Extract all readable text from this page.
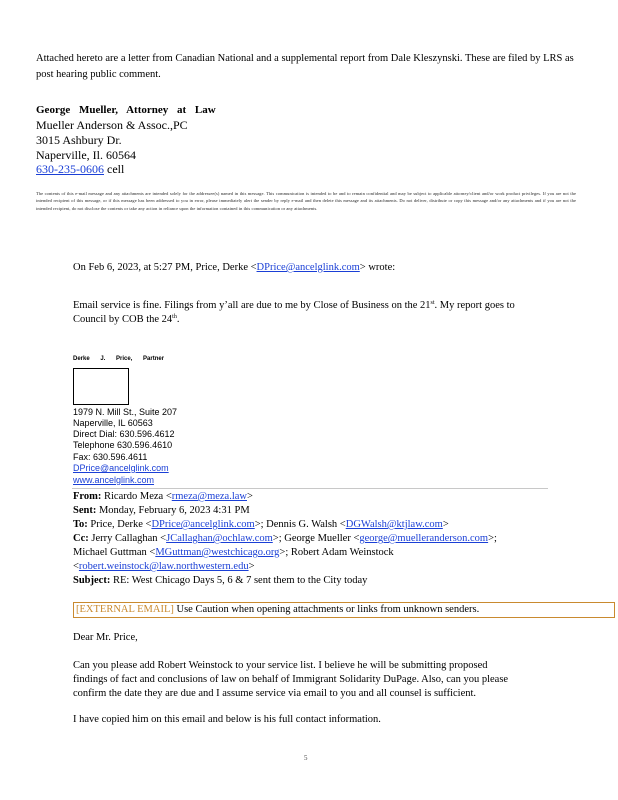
Attached hereto are a letter from Canadian National and a supplemental report from Dale Kleszynski. These are filed by LRS as post hearing public comment.
George Mueller, Attorney at Law
Mueller Anderson & Assoc.,PC
3015 Ashbury Dr.
Naperville, Il. 60564
630-235-0606 cell
The contents of this e-mail message and any attachments are intended solely for the addressee(s) named in this message. This communication is intended to be and to remain confidential and may be subject to applicable attorney/client and/or work product privileges. If you are not the intended recipient of this message, or if this message has been addressed to you in error, please immediately alert the sender by reply e-mail and then delete this message and its attachments. Do not deliver, distribute or copy this message and/or any attachments and if you are not the intended recipient, do not disclose the contents or take any action in reliance upon the information contained in this communication or any attachments.
On Feb 6, 2023, at 5:27 PM, Price, Derke <DPrice@ancelglink.com> wrote:
Email service is fine. Filings from y’all are due to me by Close of Business on the 21st. My report goes to
Council by COB the 24th.
Derke J. Price, Partner
1979 N. Mill St., Suite 207
Naperville, IL 60563
Direct Dial: 630.596.4612
Telephone 630.596.4610
Fax: 630.596.4611
DPrice@ancelglink.com
www.ancelglink.com
From: Ricardo Meza <rmeza@meza.law>
Sent: Monday, February 6, 2023 4:31 PM
To: Price, Derke <DPrice@ancelglink.com>; Dennis G. Walsh <DGWalsh@ktjlaw.com>
Cc: Jerry Callaghan <JCallaghan@ochlaw.com>; George Mueller <george@muelleranderson.com>;
Michael Guttman <MGuttman@westchicago.org>; Robert Adam Weinstock
<robert.weinstock@law.northwestern.edu>
Subject: RE: West Chicago Days 5, 6 & 7 sent them to the City today
[EXTERNAL EMAIL] Use Caution when opening attachments or links from unknown senders.
Dear Mr. Price,
Can you please add Robert Weinstock to your service list. I believe he will be submitting proposed
findings of fact and conclusions of law on behalf of Immigrant Solidarity DuPage. Also, can you please
confirm the date they are due and I assume service via email to you and all counsel is sufficient.
I have copied him on this email and below is his full contact information.
5
